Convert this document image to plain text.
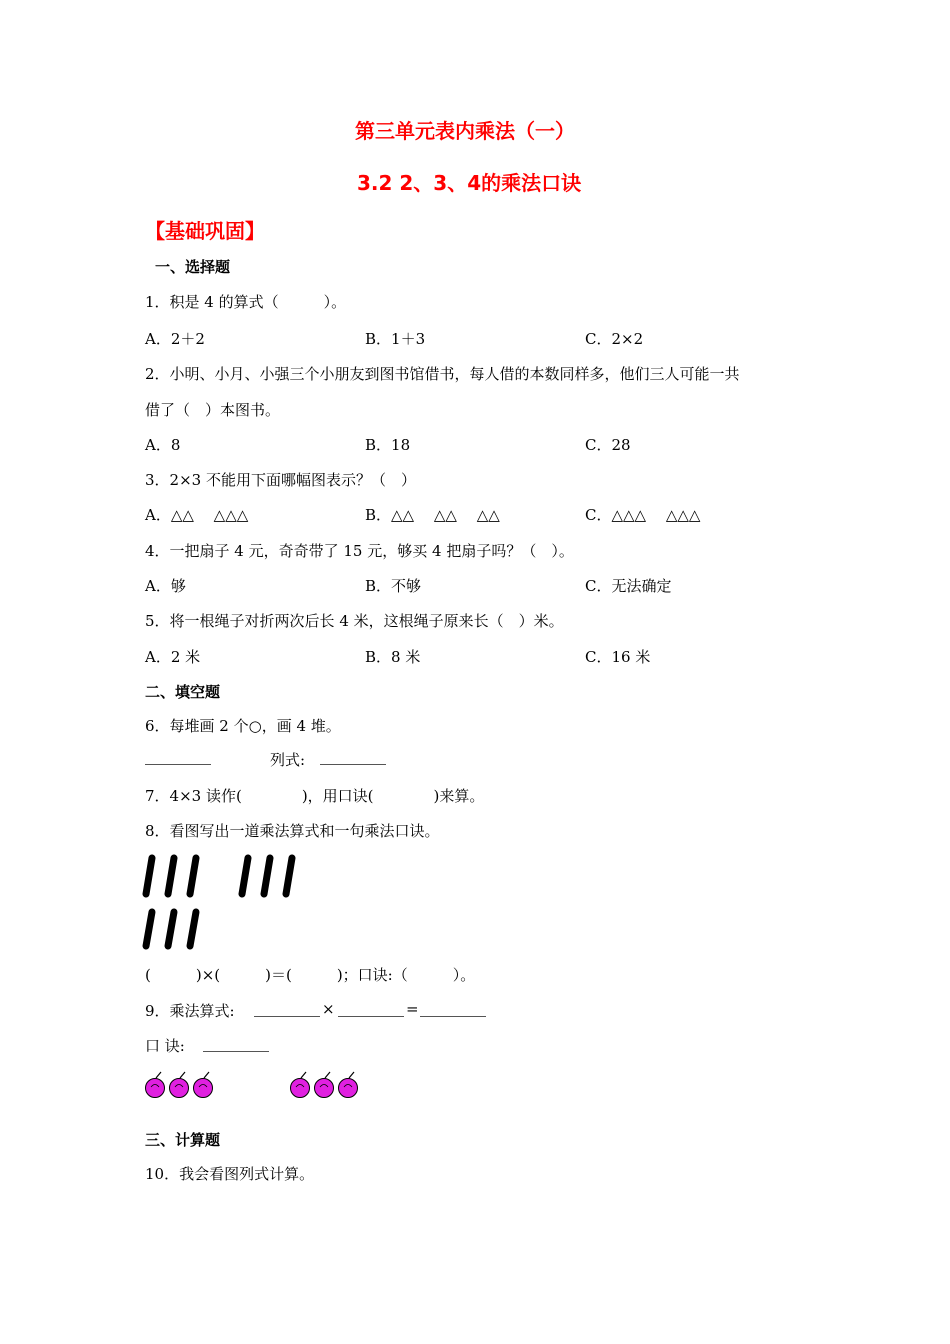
第三单元表内乘法（一）
3.2 2、3、4的乘法口诀
【基础巩固】
一、选择题
1．积是 4 的算式（　　　）。
A．2＋2	B．1＋3	C．2×2
2．小明、小月、小强三个小朋友到图书馆借书，每人借的本数同样多，他们三人可能一共
借了（　）本图书。
A．8	B．18	C．28
3．2×3 不能用下面哪幅图表示？（　）
A．△△　 △△△	B．△△　 △△　 △△	C．△△△　 △△△
4．一把扇子 4 元，奇奇带了 15 元，够买 4 把扇子吗？（　）。
A．够	B．不够	C．无法确定
5．将一根绳子对折两次后长 4 米，这根绳子原来长（　）米。
A．2 米	B．8 米	C．16 米
二、填空题
6．每堆画 2 个○，画 4 堆。
列式:
7．4×3 读作(　　　　)，用口诀(　　　　)来算。
8．看图写出一道乘法算式和一句乘法口诀。
(　　　)×(　　　)＝(　　　)；口诀:（　　　）。
9．乘法算式:	×	=
口 诀:
三、计算题
10．我会看图列式计算。
